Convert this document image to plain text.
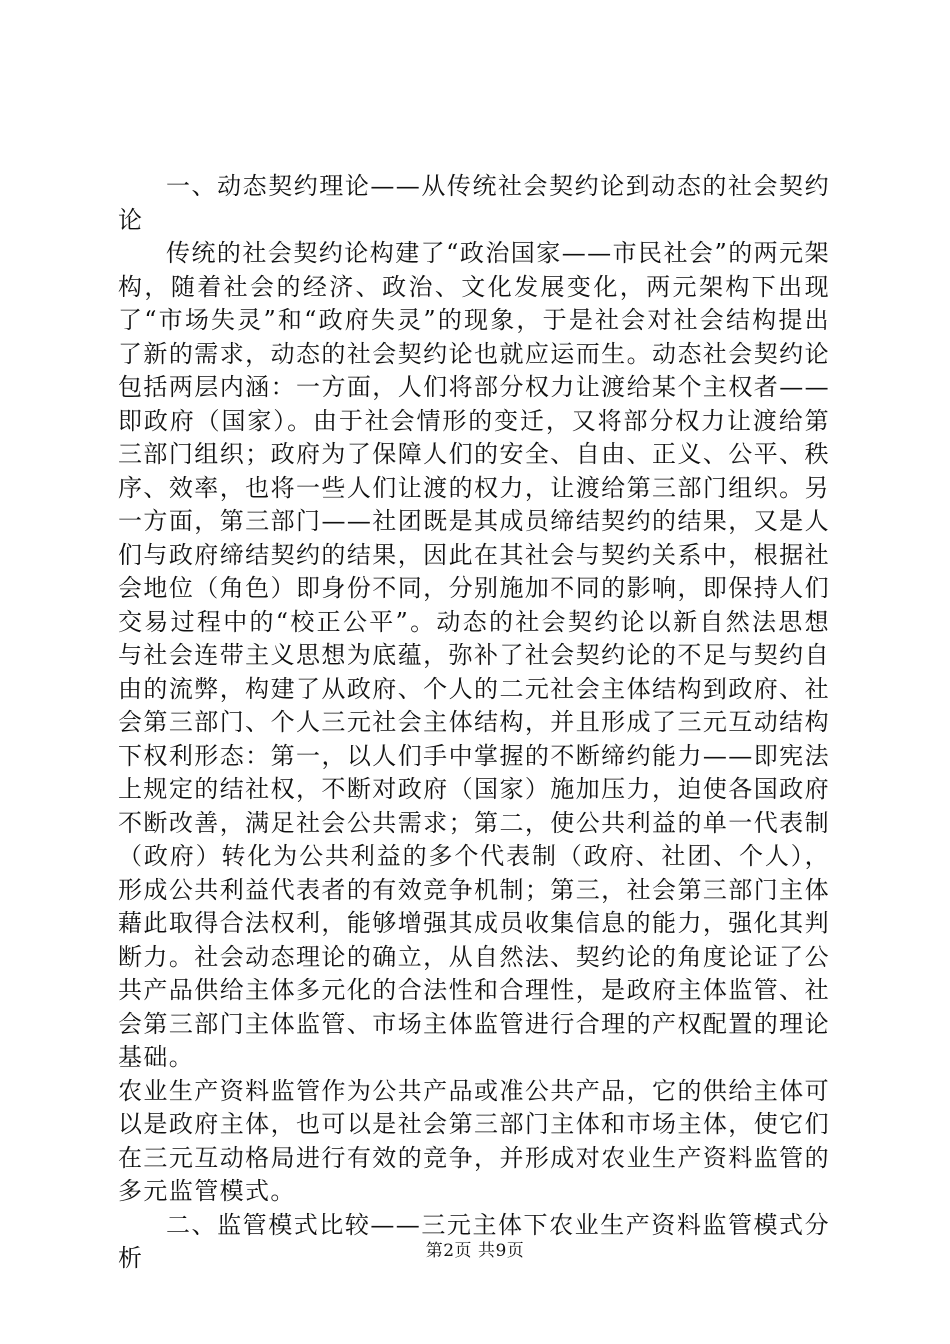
一、动态契约理论——从传统社会契约论到动态的社会契约论

传统的社会契约论构建了“政治国家——市民社会”的两元架构，随着社会的经济、政治、文化发展变化，两元架构下出现了“市场失灵”和“政府失灵”的现象，于是社会对社会结构提出了新的需求，动态的社会契约论也就应运而生。动态社会契约论包括两层内涵：一方面，人们将部分权力让渡给某个主权者——即政府（国家）。由于社会情形的变迁，又将部分权力让渡给第三部门组织；政府为了保障人们的安全、自由、正义、公平、秩序、效率，也将一些人们让渡的权力，让渡给第三部门组织。另一方面，第三部门——社团既是其成员缔结契约的结果，又是人们与政府缔结契约的结果，因此在其社会与契约关系中，根据社会地位（角色）即身份不同，分别施加不同的影响，即保持人们交易过程中的“校正公平”。动态的社会契约论以新自然法思想与社会连带主义思想为底蕴，弥补了社会契约论的不足与契约自由的流弊，构建了从政府、个人的二元社会主体结构到政府、社会第三部门、个人三元社会主体结构，并且形成了三元互动结构下权利形态：第一，以人们手中掌握的不断缔约能力——即宪法上规定的结社权，不断对政府（国家）施加压力，迫使各国政府不断改善，满足社会公共需求；第二，使公共利益的单一代表制（政府）转化为公共利益的多个代表制（政府、社团、个人），形成公共利益代表者的有效竞争机制；第三，社会第三部门主体藉此取得合法权利，能够增强其成员收集信息的能力，强化其判断力。社会动态理论的确立，从自然法、契约论的角度论证了公共产品供给主体多元化的合法性和合理性，是政府主体监管、社会第三部门主体监管、市场主体监管进行合理的产权配置的理论基础。

农业生产资料监管作为公共产品或准公共产品，它的供给主体可以是政府主体，也可以是社会第三部门主体和市场主体，使它们在三元互动格局进行有效的竞争，并形成对农业生产资料监管的多元监管模式。

二、监管模式比较——三元主体下农业生产资料监管模式分析	第2页 共9页
